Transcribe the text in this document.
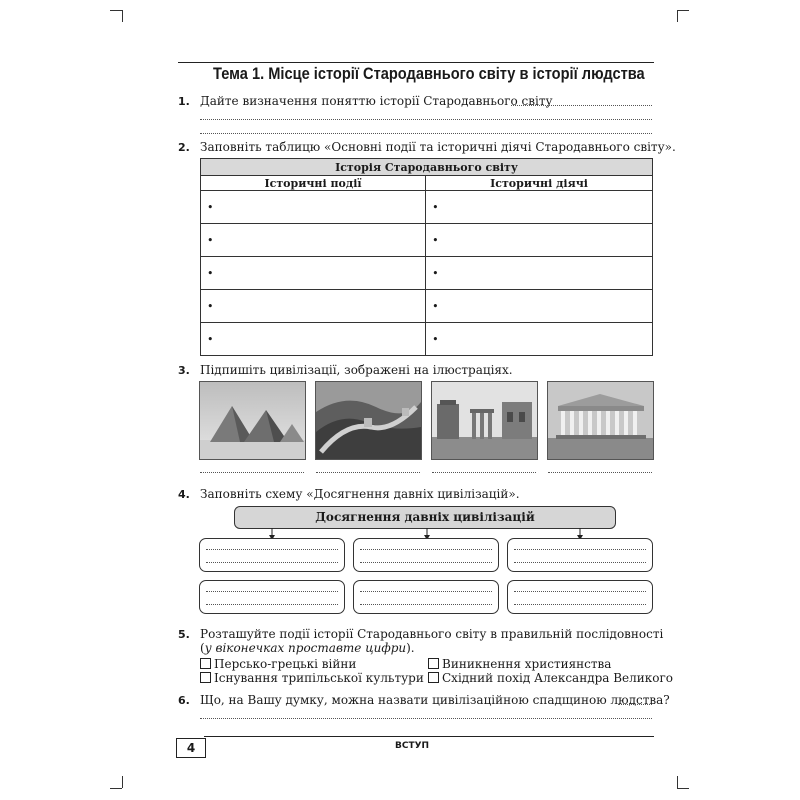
Тема 1. Місце історії Стародавнього світу в історії людства
1. Дайте визначення поняттю історії Стародавнього світу
2. Заповніть таблицю «Основні події та історичні діячі Стародавнього світу».
Історія Стародавнього світу	
Історичні події	Історичні діячі
•	•
•	•
•	•
•	•
•	•
3. Підпишіть цивілізації, зображені на ілюстраціях.
4. Заповніть схему «Досягнення давніх цивілізацій».
Досягнення давніх цивілізацій
5. Розташуйте події історії Стародавнього світу в правильній послідовності
(у віконечках проставте цифри).
Персько-грецькі війни	Виникнення християнства
Існування трипільської культури	Східний похід Александра Великого
6. Що, на Вашу думку, можна назвати цивілізаційною спадщиною людства?
4	ВСТУП
